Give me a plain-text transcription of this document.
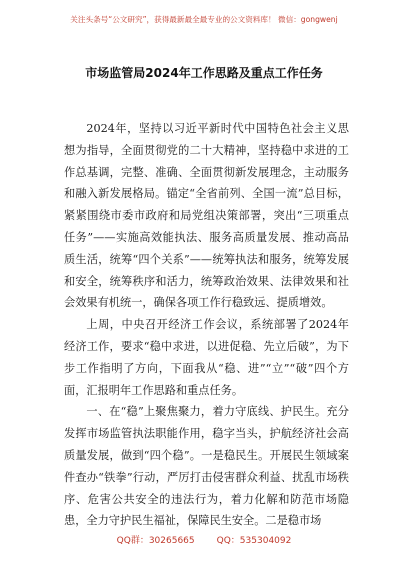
关注头条号“公文研究”，获得最新最全最专业的公文资料库！ 微信：gongwenj
市场监管局2024年工作思路及重点工作任务

2024年，坚持以习近平新时代中国特色社会主义思想为指导，全面贯彻党的二十大精神，坚持稳中求进的工作总基调，完整、准确、全面贯彻新发展理念，主动服务和融入新发展格局。锚定“全省前列、全国一流”总目标，紧紧围绕市委市政府和局党组决策部署，突出“三项重点任务”——实施高效能执法、服务高质量发展、推动高品质生活，统筹“四个关系”——统筹执法和服务，统筹发展和安全，统筹秩序和活力，统筹政治效果、法律效果和社会效果有机统一，确保各项工作行稳致远、提质增效。

上周，中央召开经济工作会议，系统部署了2024年经济工作，要求“稳中求进，以进促稳、先立后破”，为下步工作指明了方向，下面我从“稳、进”“立”“破”四个方面，汇报明年工作思路和重点任务。

一、在“稳”上聚焦聚力，着力守底线、护民生。充分发挥市场监管执法职能作用，稳字当头，护航经济社会高质量发展，做到“四个稳”。一是稳民生。开展民生领域案件查办“铁拳”行动，严厉打击侵害群众利益、扰乱市场秩序、危害公共安全的违法行为，着力化解和防范市场隐患，全力守护民生福祉，保障民生安全。二是稳市场

QQ群：30265665 QQ：535304092
